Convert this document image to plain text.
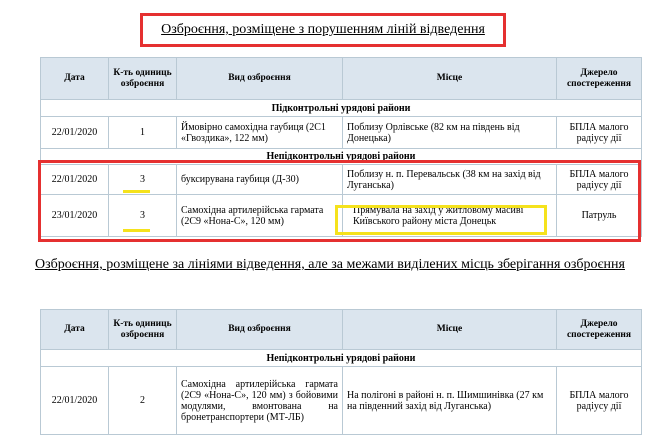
Озброєння, розміщене з порушенням ліній відведення
Дата	К-ть одиниць озброєння	Вид озброєння	Місце	Джерело спостереження
Підконтрольні урядові райони				
22/01/2020	1	Ймовірно самохідна гаубиця (2С1 «Гвоздика», 122 мм)	Поблизу Орлівське (82 км на південь від Донецька)	БПЛА малого радіусу дії
Непідконтрольні урядові райони				
22/01/2020	3	буксирувана гаубиця (Д-30)	Поблизу н. п. Перевальськ (38 км на захід від Луганська)	БПЛА малого радіусу дії
23/01/2020	3	Самохідна артилерійська гармата (2С9 «Нона-С», 120 мм)	Прямувала на захід у житловому масиві Київського району міста Донецьк	Патруль
Озброєння, розміщене за лініями відведення, але за межами виділених місць зберігання озброєння
Дата	К-ть одиниць озброєння	Вид озброєння	Місце	Джерело спостереження
Непідконтрольні урядові райони				
22/01/2020	2	Самохідна артилерійська гармата (2С9 «Нона-С», 120 мм) з бойовими модулями, вмонтована на бронетранспортери (МТ-ЛБ)	На полігоні в районі н. п. Шимшинівка (27 км на південний захід від Луганська)	БПЛА малого радіусу дії
